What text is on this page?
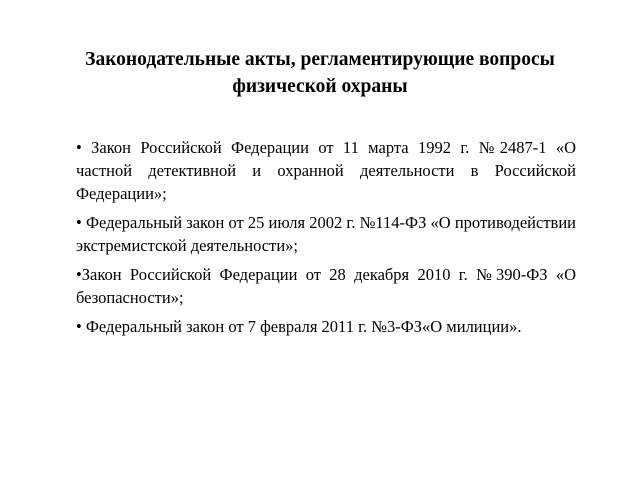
Законодательные акты, регламентирующие вопросы физической охраны
• Закон Российской Федерации от 11 марта 1992 г. №2487-1 «О частной детективной и охранной деятельности в Российской Федерации»;
• Федеральный закон от 25 июля 2002 г. №114-ФЗ «О противодействии экстремистской деятельности»;
•Закон Российской Федерации от 28 декабря 2010 г. №390-ФЗ «О безопасности»;
• Федеральный закон от 7 февраля 2011 г. №3-ФЗ«О милиции».
